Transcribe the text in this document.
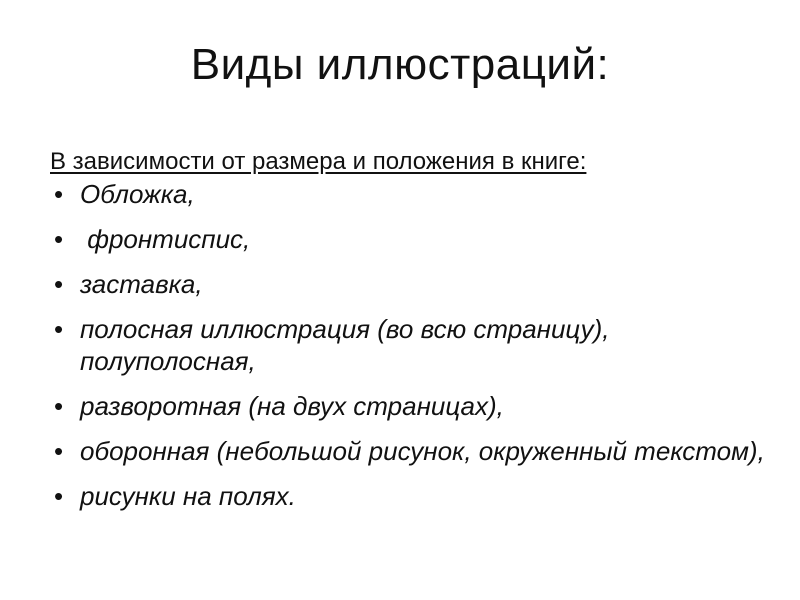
Виды иллюстраций:

В зависимости от размера и положения в книге:

• Обложка,
• фронтиспис,
• заставка,
• полосная иллюстрация (во всю страницу), полуполосная,
• разворотная (на двух страницах),
• оборонная (небольшой рисунок, окруженный текстом),
• рисунки на полях.
